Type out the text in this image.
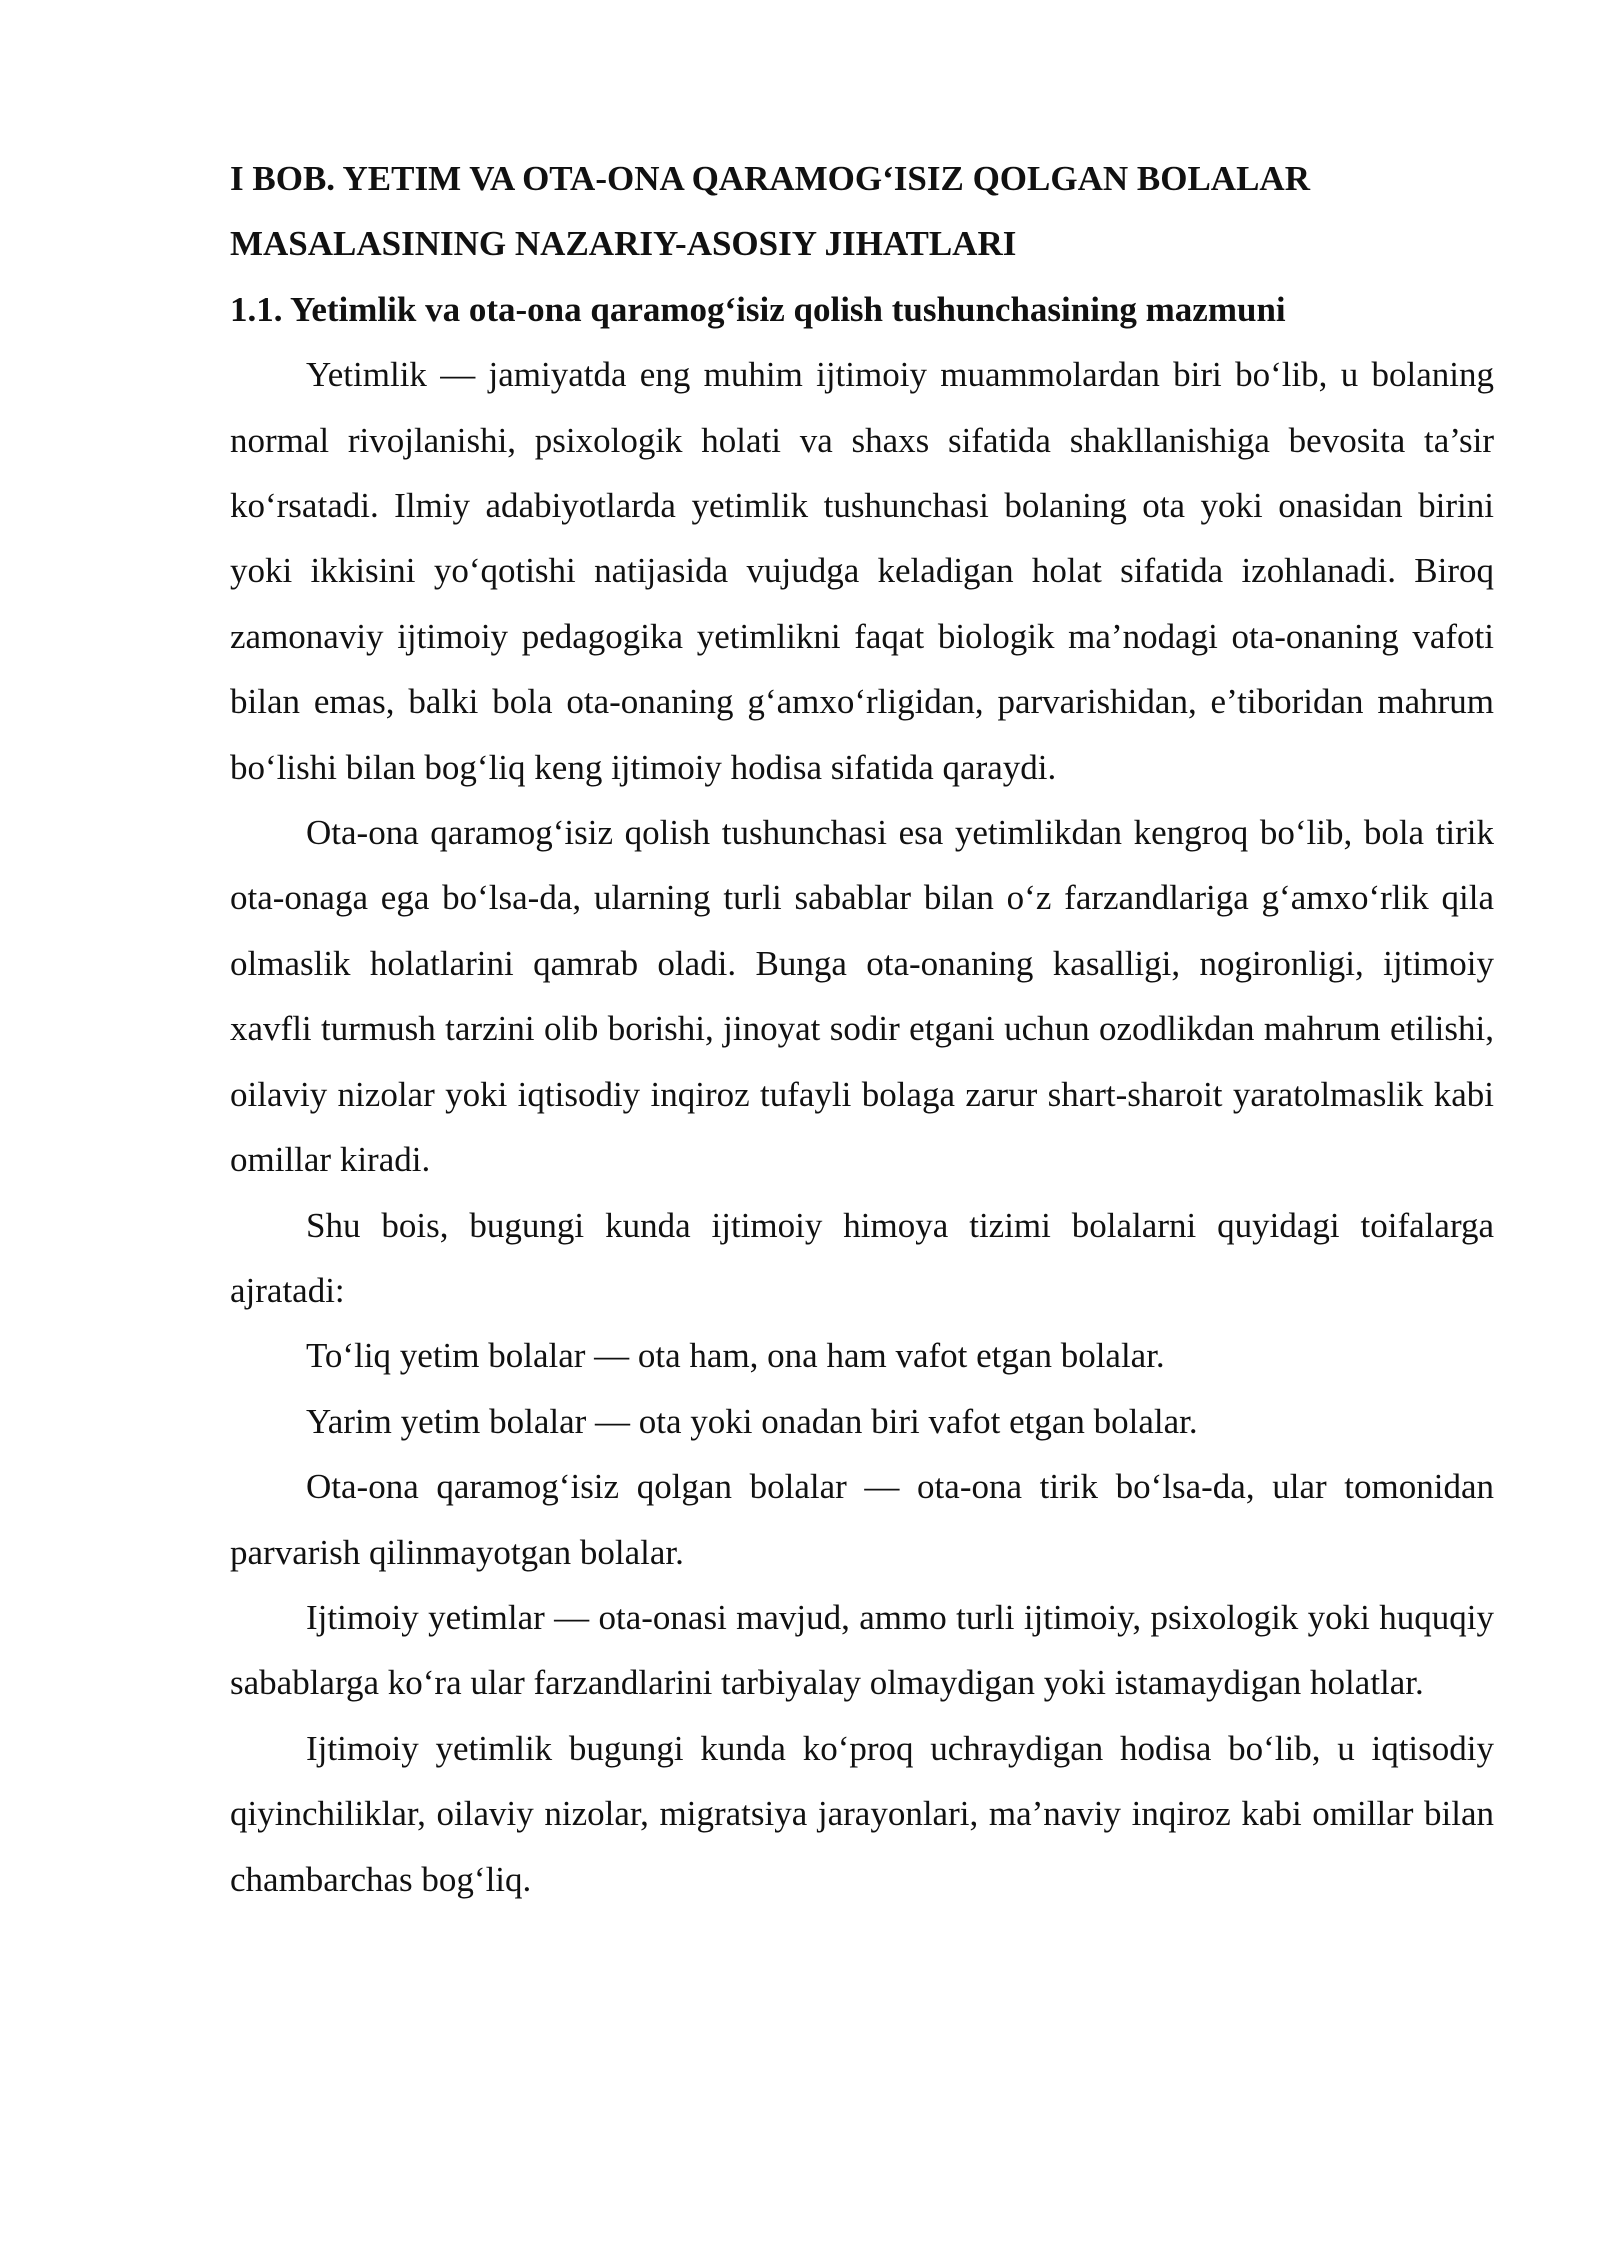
I BOB. YETIM VA OTA-ONA QARAMOG‘ISIZ QOLGAN BOLALAR
MASALASINING NAZARIY-ASOSIY JIHATLARI
1.1. Yetimlik va ota-ona qaramog‘isiz qolish tushunchasining mazmuni

Yetimlik — jamiyatda eng muhim ijtimoiy muammolardan biri bo‘lib, u bolaning normal rivojlanishi, psixologik holati va shaxs sifatida shakllanishiga bevosita ta’sir ko‘rsatadi. Ilmiy adabiyotlarda yetimlik tushunchasi bolaning ota yoki onasidan birini yoki ikkisini yo‘qotishi natijasida vujudga keladigan holat sifatida izohlanadi. Biroq zamonaviy ijtimoiy pedagogika yetimlikni faqat biologik ma’nodagi ota-onaning vafoti bilan emas, balki bola ota-onaning g‘amxo‘rligidan, parvarishidan, e’tiboridan mahrum bo‘lishi bilan bog‘liq keng ijtimoiy hodisa sifatida qaraydi.

Ota-ona qaramog‘isiz qolish tushunchasi esa yetimlikdan kengroq bo‘lib, bola tirik ota-onaga ega bo‘lsa-da, ularning turli sabablar bilan o‘z farzandlariga g‘amxo‘rlik qila olmaslik holatlarini qamrab oladi. Bunga ota-onaning kasalligi, nogironligi, ijtimoiy xavfli turmush tarzini olib borishi, jinoyat sodir etgani uchun ozodlikdan mahrum etilishi, oilaviy nizolar yoki iqtisodiy inqiroz tufayli bolaga zarur shart-sharoit yaratolmaslik kabi omillar kiradi.

Shu bois, bugungi kunda ijtimoiy himoya tizimi bolalarni quyidagi toifalarga ajratadi:

To‘liq yetim bolalar — ota ham, ona ham vafot etgan bolalar.

Yarim yetim bolalar — ota yoki onadan biri vafot etgan bolalar.

Ota-ona qaramog‘isiz qolgan bolalar — ota-ona tirik bo‘lsa-da, ular tomonidan parvarish qilinmayotgan bolalar.

Ijtimoiy yetimlar — ota-onasi mavjud, ammo turli ijtimoiy, psixologik yoki huquqiy sabablarga ko‘ra ular farzandlarini tarbiyalay olmaydigan yoki istamaydigan holatlar.

Ijtimoiy yetimlik bugungi kunda ko‘proq uchraydigan hodisa bo‘lib, u iqtisodiy qiyinchiliklar, oilaviy nizolar, migratsiya jarayonlari, ma’naviy inqiroz kabi omillar bilan chambarchas bog‘liq.
